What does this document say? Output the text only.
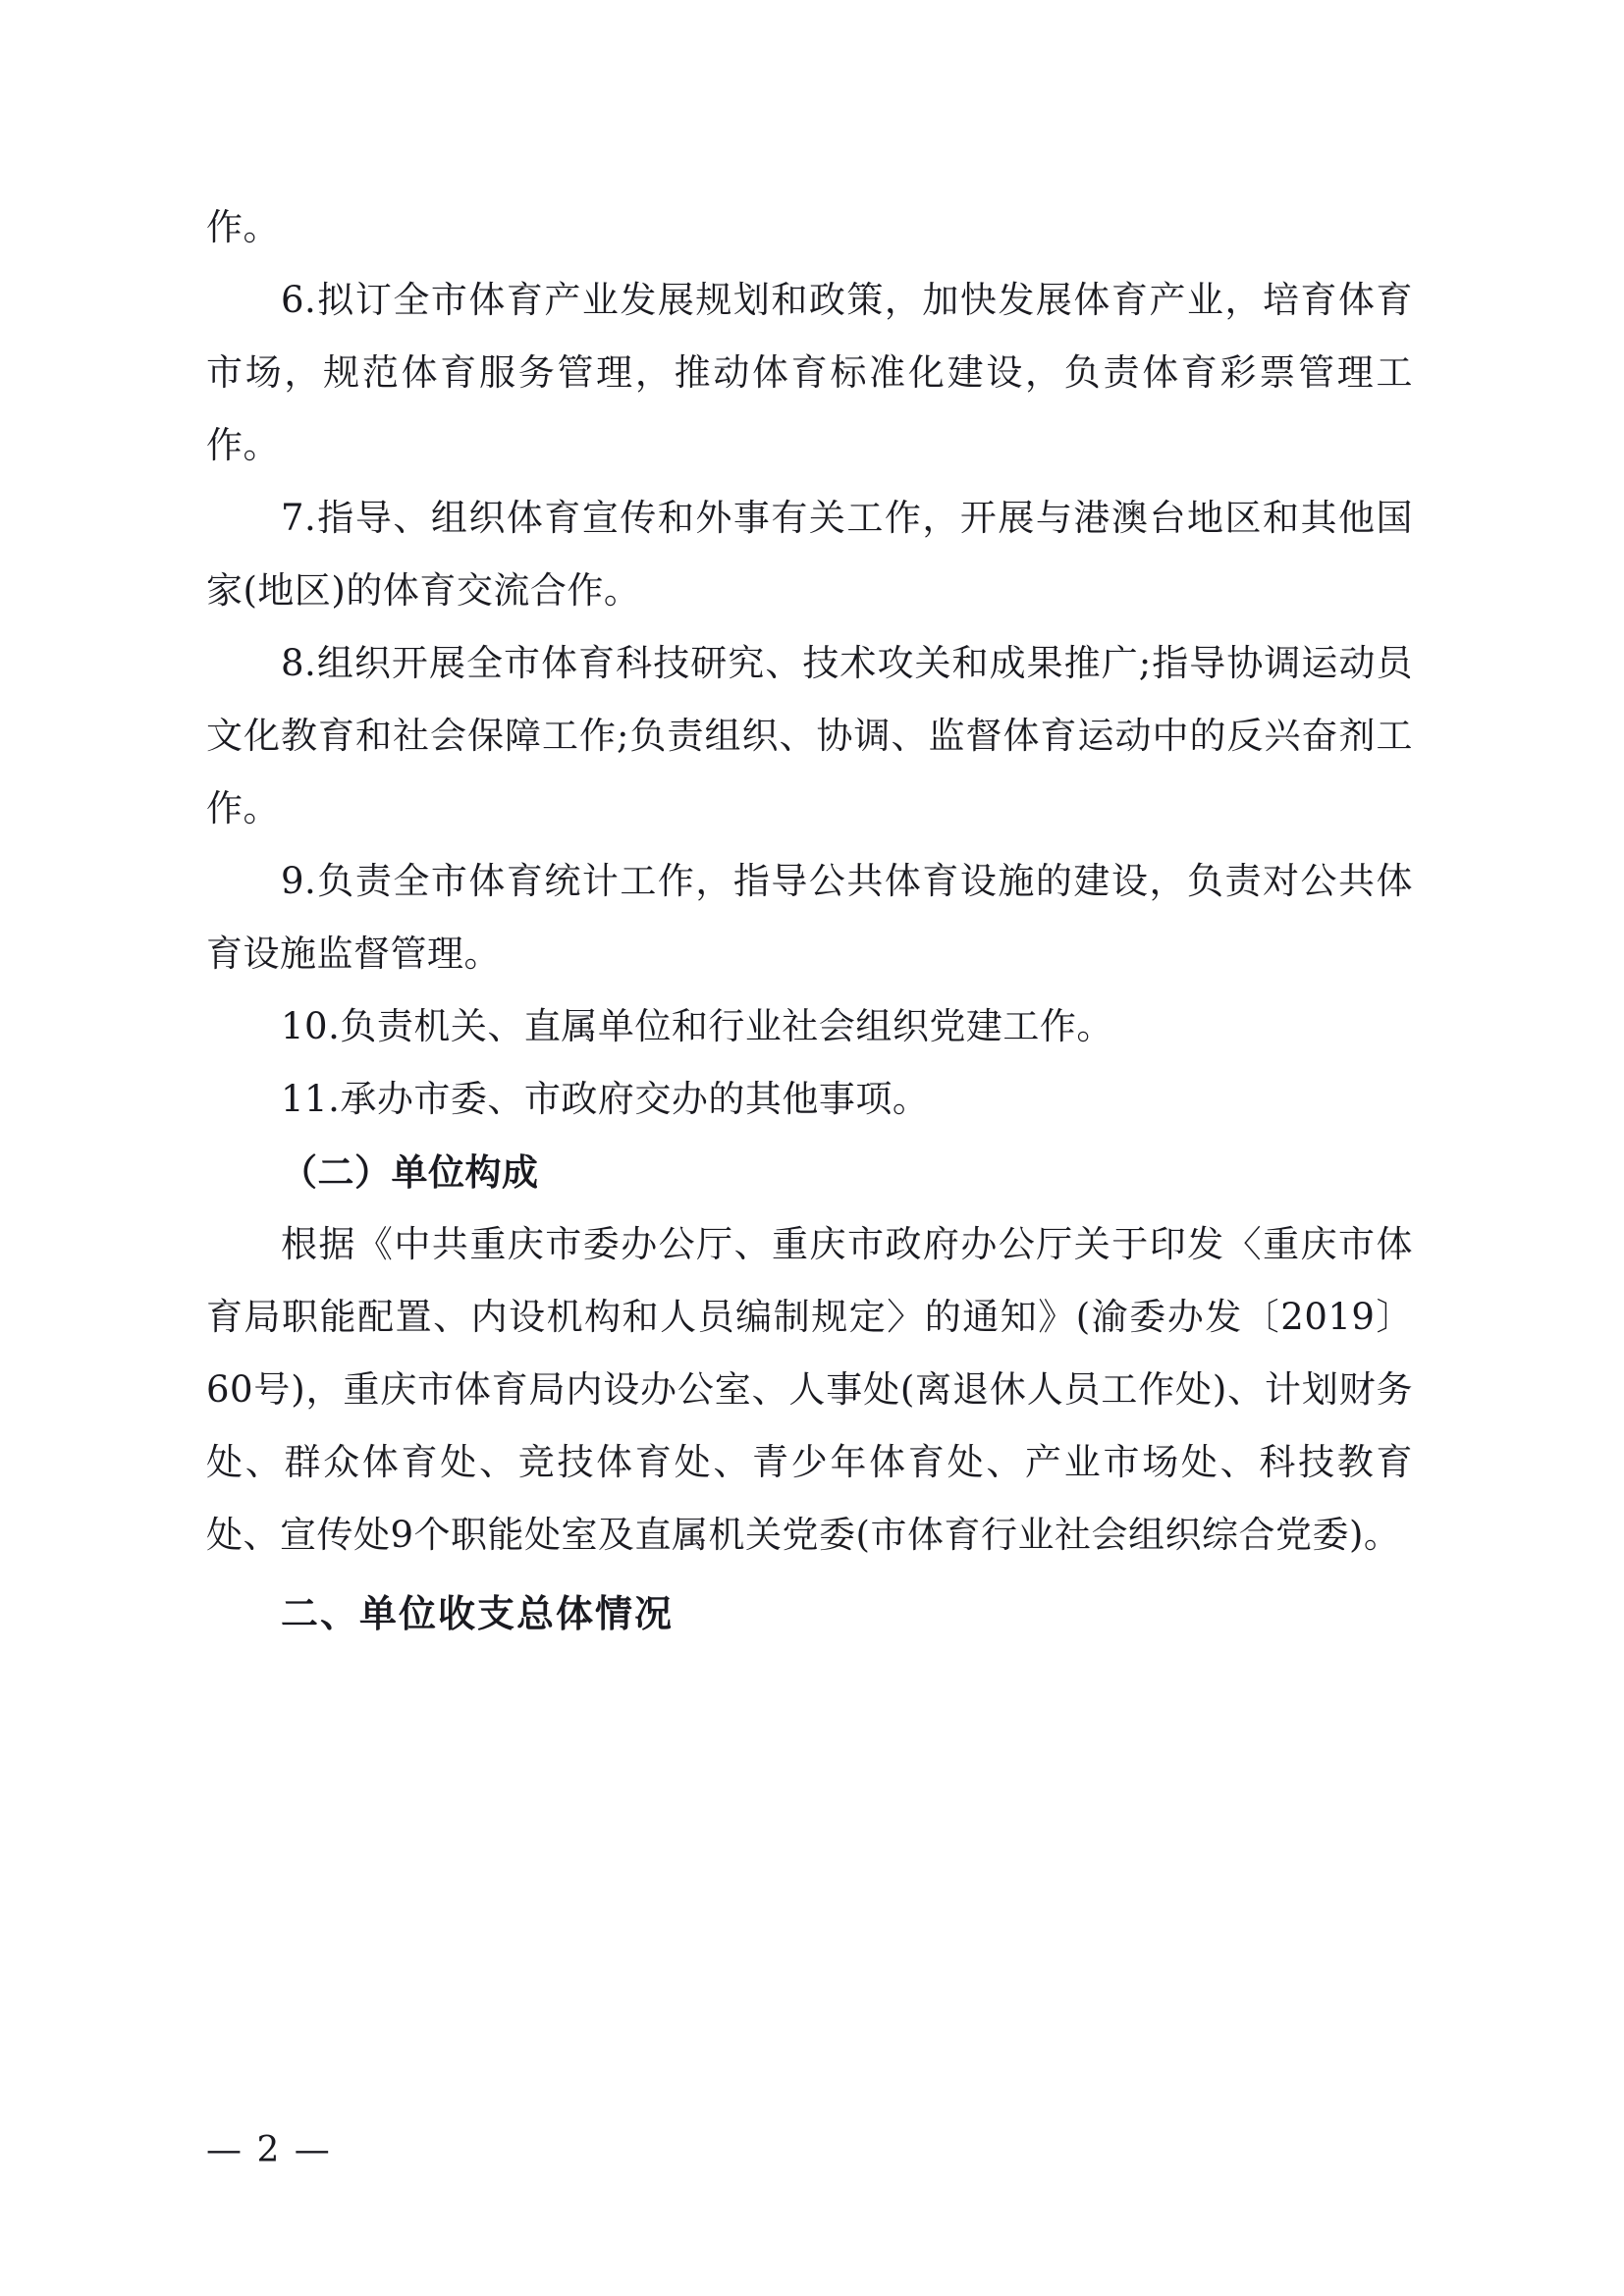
作。

6.拟订全市体育产业发展规划和政策，加快发展体育产业，培育体育市场，规范体育服务管理，推动体育标准化建设，负责体育彩票管理工作。

7.指导、组织体育宣传和外事有关工作，开展与港澳台地区和其他国家(地区)的体育交流合作。

8.组织开展全市体育科技研究、技术攻关和成果推广;指导协调运动员文化教育和社会保障工作;负责组织、协调、监督体育运动中的反兴奋剂工作。

9.负责全市体育统计工作，指导公共体育设施的建设，负责对公共体育设施监督管理。

10.负责机关、直属单位和行业社会组织党建工作。

11.承办市委、市政府交办的其他事项。

（二）单位构成

根据《中共重庆市委办公厅、重庆市政府办公厅关于印发〈重庆市体育局职能配置、内设机构和人员编制规定〉的通知》(渝委办发〔2019〕60号)，重庆市体育局内设办公室、人事处(离退休人员工作处)、计划财务处、群众体育处、竞技体育处、青少年体育处、产业市场处、科技教育处、宣传处9个职能处室及直属机关党委(市体育行业社会组织综合党委)。

二、单位收支总体情况

— 2 —
